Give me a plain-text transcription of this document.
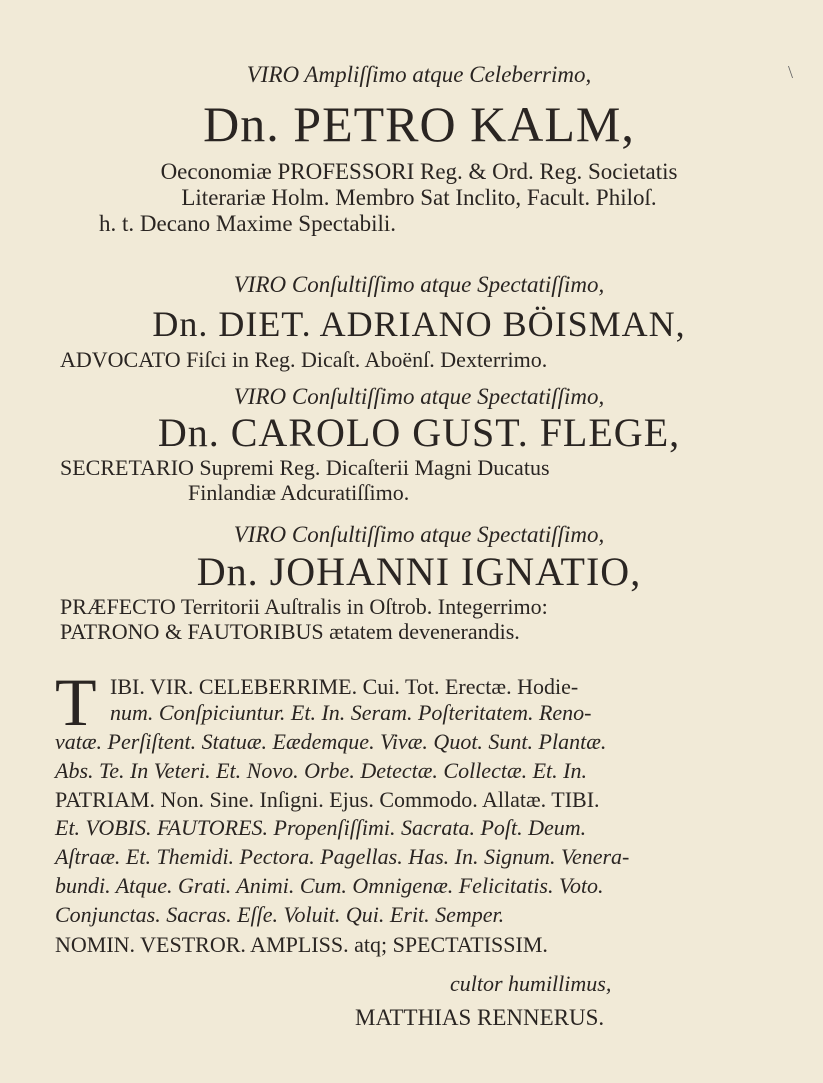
\
VIRO Ampliſſimo atque Celeberrimo,
Dn. PETRO KALM,
Oeconomiæ PROFESSORI Reg. & Ord. Reg. Societatis
Literariæ Holm. Membro Sat Inclito, Facult. Philoſ.
h. t. Decano Maxime Spectabili.
VIRO Conſultiſſimo atque Spectatiſſimo,
Dn. DIET. ADRIANO BÖISMAN,
ADVOCATO Fiſci in Reg. Dicaſt. Aboënſ. Dexterrimo.
VIRO Conſultiſſimo atque Spectatiſſimo,
Dn. CAROLO GUST. FLEGE,
SECRETARIO Supremi Reg. Dicaſterii Magni Ducatus
Finlandiæ Adcuratiſſimo.
VIRO Conſultiſſimo atque Spectatiſſimo,
Dn. JOHANNI IGNATIO,
PRÆFECTO Territorii Auſtralis in Oſtrob. Integerrimo:
PATRONO & FAUTORIBUS ætatem devenerandis.
T IBI. VIR. CELEBERRIME. Cui. Tot. Erectæ. Hodie-
num. Conſpiciuntur. Et. In. Seram. Poſteritatem. Reno-
vatæ. Perſiſtent. Statuæ. Eædemque. Vivæ. Quot. Sunt. Plantæ.
Abs. Te. In Veteri. Et. Novo. Orbe. Detectæ. Collectæ. Et. In.
PATRIAM. Non. Sine. Inſigni. Ejus. Commodo. Allatæ. TIBI.
Et. VOBIS. FAUTORES. Propenſiſſimi. Sacrata. Poſt. Deum.
Aſtraæ. Et. Themidi. Pectora. Pagellas. Has. In. Signum. Venera-
bundi. Atque. Grati. Animi. Cum. Omnigenæ. Felicitatis. Voto.
Conjunctas. Sacras. Eſſe. Voluit. Qui. Erit. Semper.
NOMIN. VESTROR. AMPLISS. atq; SPECTATISSIM.
cultor humillimus,
MATTHIAS RENNERUS.
